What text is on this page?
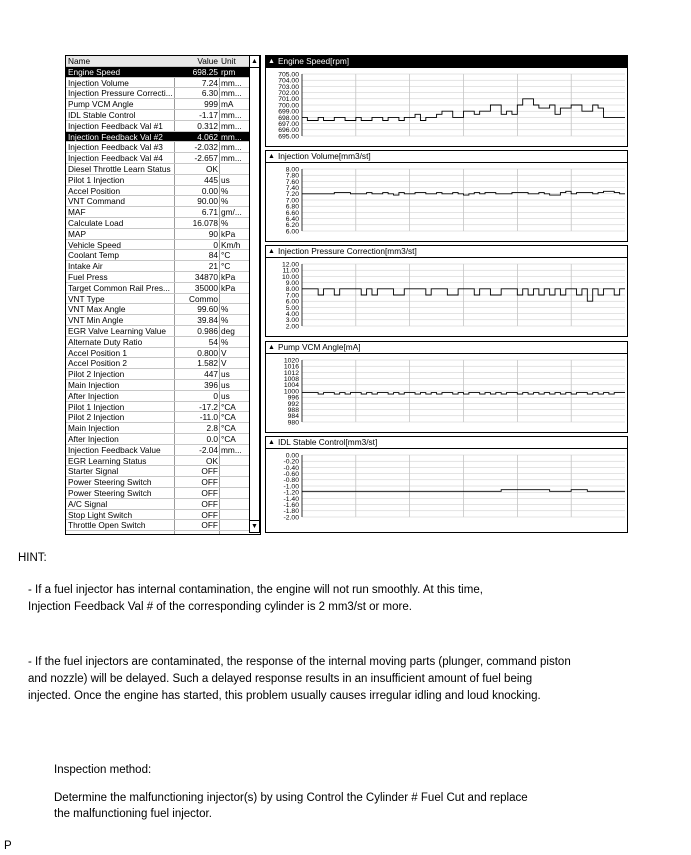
Name	Value Unit
Engine Speed	698.25 rpm
Injection Volume	7.24 mm...
Injection Pressure Correcti...	6.30 mm...
Pump VCM Angle	999 mA
IDL Stable Control	-1.17 mm...
Injection Feedback Val #1	0.312 mm...
Injection Feedback Val #2	4.062 mm...
Injection Feedback Val #3	-2.032 mm...
Injection Feedback Val #4	-2.657 mm...
Diesel Throttle Learn Status	OK
Pilot 1 Injection	445 us
Accel Position	0.00 %
VNT Command	90.00 %
MAF	6.71 gm/...
Calculate Load	16.078 %
MAP	90 kPa
Vehicle Speed	0 Km/h
Coolant Temp	84 °C
Intake Air	21 °C
Fuel Press	34870 kPa
Target Common Rail Pres...	35000 kPa
VNT Type	Commo
VNT Max Angle	99.60 %
VNT Min Angle	39.84 %
EGR Valve Learning Value	0.986 deg
Alternate Duty Ratio	54 %
Accel Position 1	0.800 V
Accel Position 2	1.582 V
Pilot 2 Injection	447 us
Main Injection	396 us
After Injection	0 us
Pilot 1 Injection	-17.2 °CA
Pilot 2 Injection	-11.0 °CA
Main Injection	2.8 °CA
After Injection	0.0 °CA
Injection Feedback Value	-2.04 mm...
EGR Learning Status	OK
Starter Signal	OFF
Power Steering Switch	OFF
Power Steering Switch	OFF
A/C Signal	OFF
Stop Light Switch	OFF
Throttle Open Switch	OFF
▲
▼
▲ Engine Speed[rpm]
705.00
704.00
703.00
702.00
701.00
700.00
699.00
698.00
697.00
696.00
695.00
▲ Injection Volume[mm3/st]
8.00
7.80
7.60
7.40
7.20
7.00
6.80
6.60
6.40
6.20
6.00
▲ Injection Pressure Correction[mm3/st]
12.00
11.00
10.00
9.00
8.00
7.00
6.00
5.00
4.00
3.00
2.00
▲ Pump VCM Angle[mA]
1020
1016
1012
1008
1004
1000
996
992
988
984
980
▲ IDL Stable Control[mm3/st]
0.00
-0.20
-0.40
-0.60
-0.80
-1.00
-1.20
-1.40
-1.60
-1.80
-2.00
HINT:
- If a fuel injector has internal contamination, the engine will not run smoothly. At this time,
Injection Feedback Val # of the corresponding cylinder is 2 mm3/st or more.
- If the fuel injectors are contaminated, the response of the internal moving parts (plunger, command piston
and nozzle) will be delayed. Such a delayed response results in an insufficient amount of fuel being
injected. Once the engine has started, this problem usually causes irregular idling and loud knocking.
Inspection method:
Determine the malfunctioning injector(s) by using Control the Cylinder # Fuel Cut and replace
the malfunctioning fuel injector.
P
